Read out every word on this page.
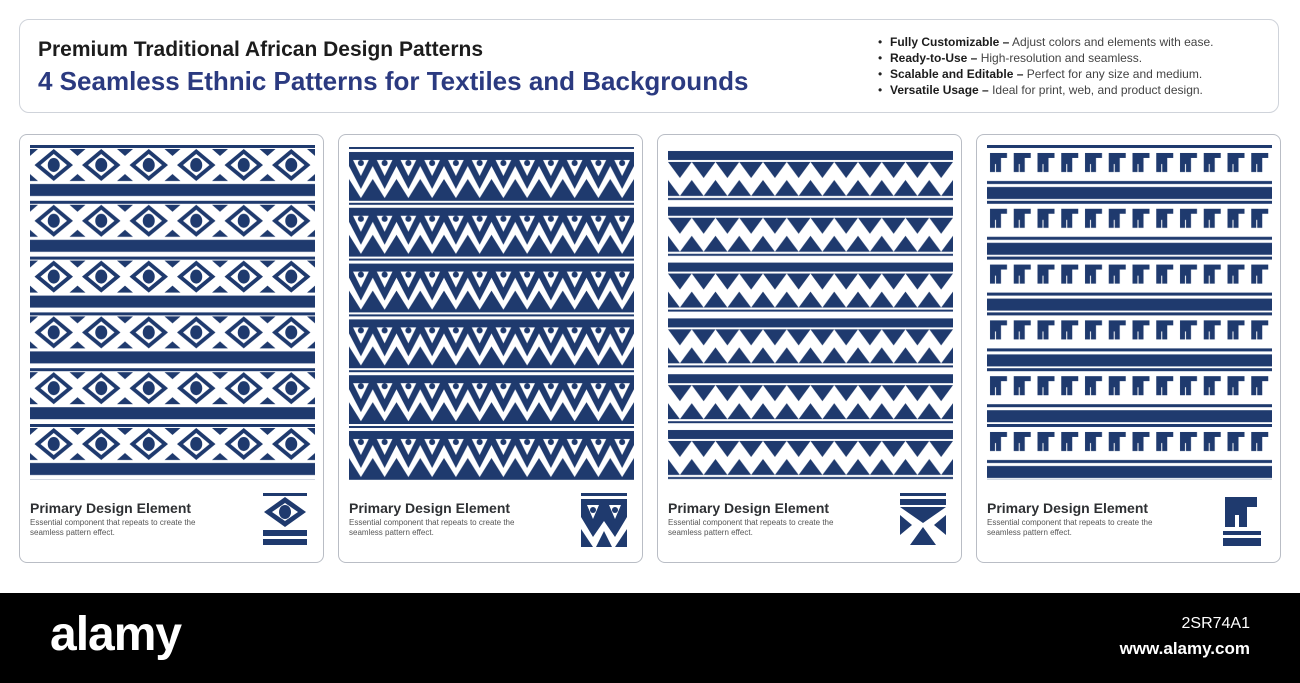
Premium Traditional African Design Patterns
4 Seamless Ethnic Patterns for Textiles and Backgrounds
• Fully Customizable – Adjust colors and elements with ease.
• Ready-to-Use – High-resolution and seamless.
• Scalable and Editable – Perfect for any size and medium.
• Versatile Usage – Ideal for print, web, and product design.
Primary Design Element
Essential component that repeats to create the seamless pattern effect.
Primary Design Element
Essential component that repeats to create the seamless pattern effect.
Primary Design Element
Essential component that repeats to create the seamless pattern effect.
Primary Design Element
Essential component that repeats to create the seamless pattern effect.
alamy	2SR74A1
www.alamy.com
